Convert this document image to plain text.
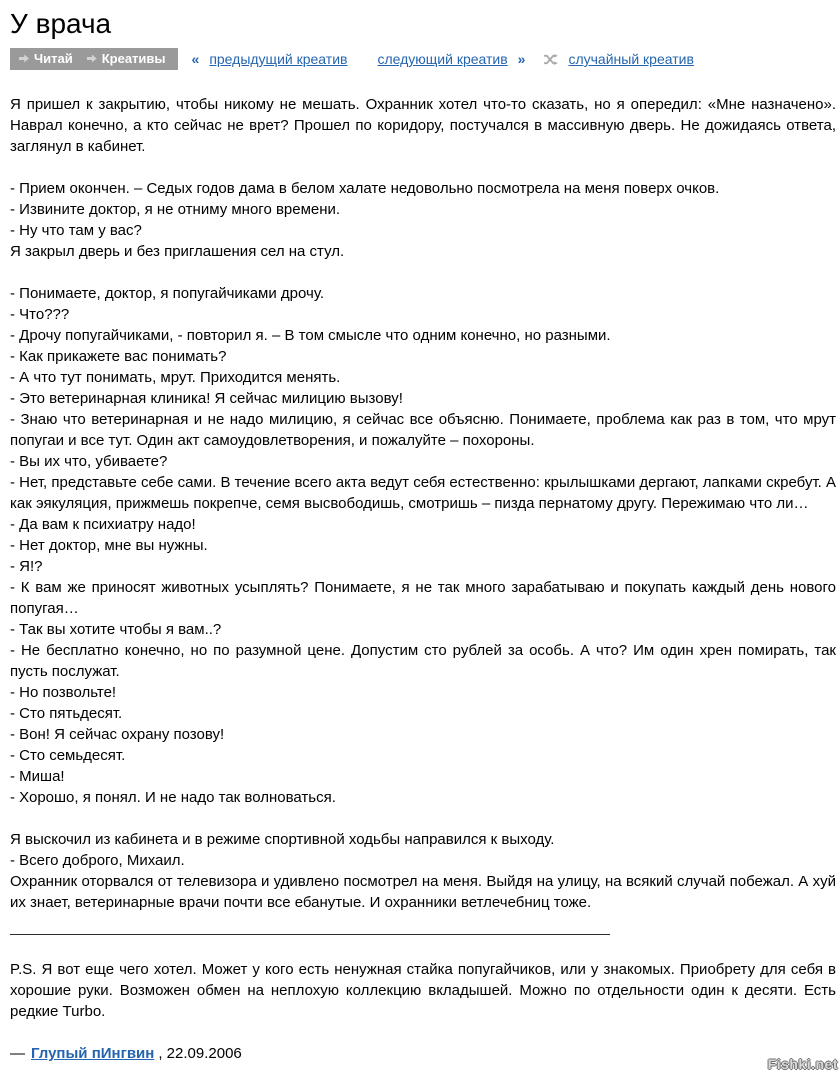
У врача
Читай Креативы « предыдущий креатив следующий креатив »	случайный креатив
Я пришел к закрытию, чтобы никому не мешать. Охранник хотел что-то сказать, но я опередил: «Мне назначено». Наврал конечно, а кто сейчас не врет? Прошел по коридору, постучался в массивную дверь. Не дожидаясь ответа, заглянул в кабинет.
- Прием окончен. – Седых годов дама в белом халате недовольно посмотрела на меня поверх очков.
- Извините доктор, я не отниму много времени.
- Ну что там у вас?
Я закрыл дверь и без приглашения сел на стул.
- Понимаете, доктор, я попугайчиками дрочу.
- Что???
- Дрочу попугайчиками, - повторил я. – В том смысле что одним конечно, но разными.
- Как прикажете вас понимать?
- А что тут понимать, мрут. Приходится менять.
- Это ветеринарная клиника! Я сейчас милицию вызову!
- Знаю что ветеринарная и не надо милицию, я сейчас все объясню. Понимаете, проблема как раз в том, что мрут попугаи и все тут. Один акт самоудовлетворения, и пожалуйте – похороны.
- Вы их что, убиваете?
- Нет, представьте себе сами. В течение всего акта ведут себя естественно: крылышками дергают, лапками скребут. А как эякуляция, прижмешь покрепче, семя высвободишь, смотришь – пизда пернатому другу. Пережимаю что ли…
- Да вам к психиатру надо!
- Нет доктор, мне вы нужны.
- Я!?
- К вам же приносят животных усыплять? Понимаете, я не так много зарабатываю и покупать каждый день нового попугая…
- Так вы хотите чтобы я вам..?
- Не бесплатно конечно, но по разумной цене. Допустим сто рублей за особь. А что? Им один хрен помирать, так пусть послужат.
- Но позвольте!
- Сто пятьдесят.
- Вон! Я сейчас охрану позову!
- Сто семьдесят.
- Миша!
- Хорошо, я понял. И не надо так волноваться.
Я выскочил из кабинета и в режиме спортивной ходьбы направился к выходу.
- Всего доброго, Михаил.
Охранник оторвался от телевизора и удивлено посмотрел на меня. Выйдя на улицу, на всякий случай побежал. А хуй их знает, ветеринарные врачи почти все ебанутые. И охранники ветлечебниц тоже.

P.S. Я вот еще чего хотел. Может у кого есть ненужная стайка попугайчиков, или у знакомых. Приобрету для себя в хорошие руки. Возможен обмен на неплохую коллекцию вкладышей. Можно по отдельности один к десяти. Есть редкие Turbo.

— Глупый пИнгвин , 22.09.2006
Fishki.net
